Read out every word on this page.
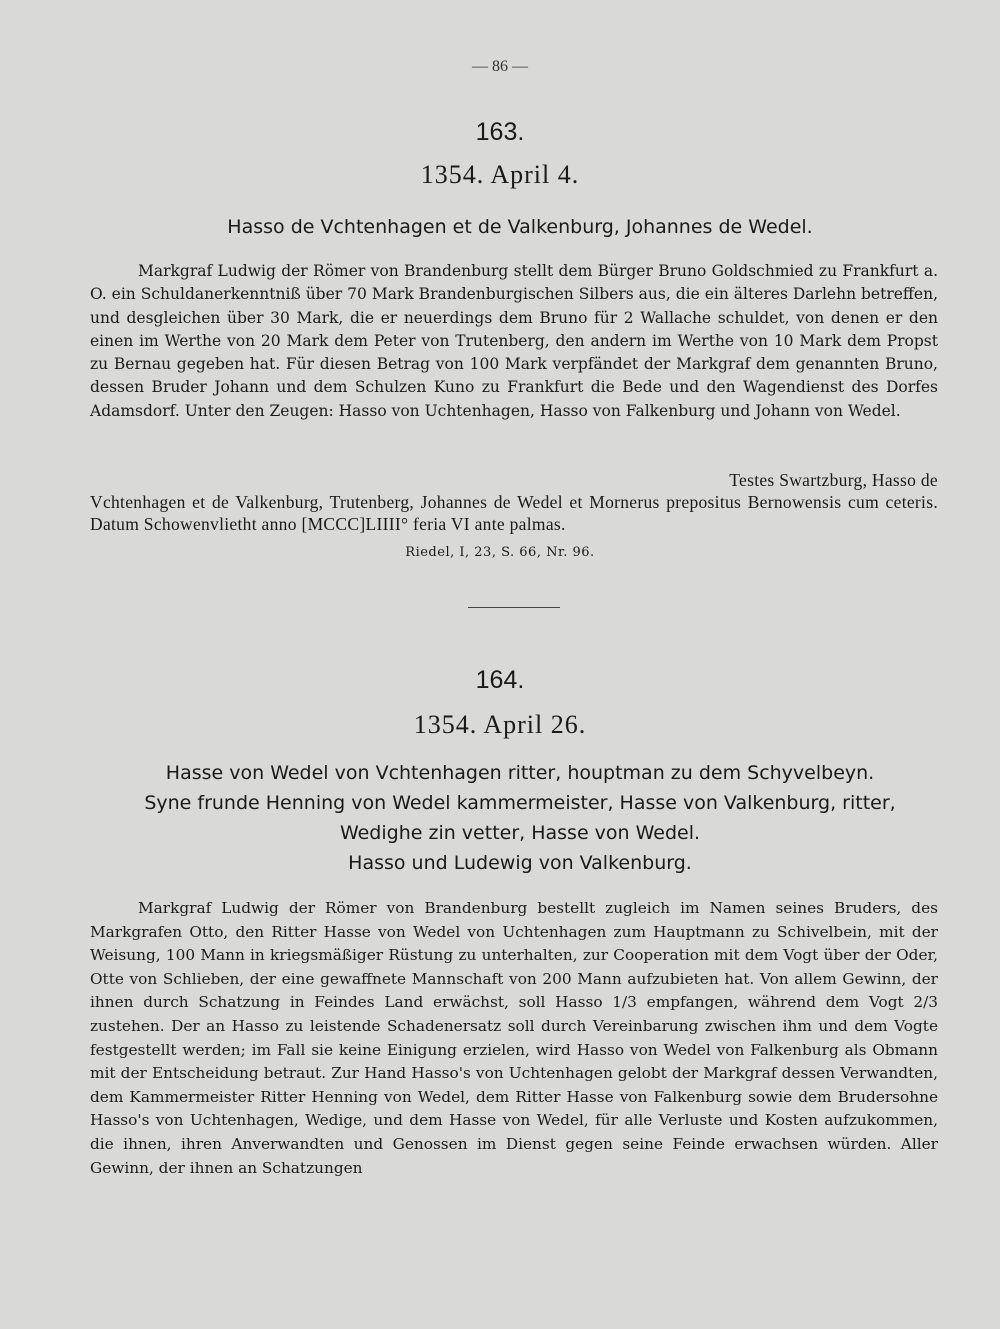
— 86 —
163.
1354. April 4.
Hasso de Vchtenhagen et de Valkenburg, Johannes de Wedel.
Markgraf Ludwig der Römer von Brandenburg stellt dem Bürger Bruno Goldschmied zu Frankfurt a. O. ein Schuldanerkenntniß über 70 Mark Brandenburgischen Silbers aus, die ein älteres Darlehn betreffen, und desgleichen über 30 Mark, die er neuerdings dem Bruno für 2 Wallache schuldet, von denen er den einen im Werthe von 20 Mark dem Peter von Trutenberg, den andern im Werthe von 10 Mark dem Propst zu Bernau gegeben hat. Für diesen Betrag von 100 Mark verpfändet der Markgraf dem genannten Bruno, dessen Bruder Johann und dem Schulzen Kuno zu Frankfurt die Bede und den Wagendienst des Dorfes Adamsdorf. Unter den Zeugen: Hasso von Uchtenhagen, Hasso von Falkenburg und Johann von Wedel.
Testes Swartzburg, Hasso de
Vchtenhagen et de Valkenburg, Trutenberg, Johannes de Wedel et Mornerus prepositus Bernowensis cum ceteris. Datum Schowenvlietht anno [MCCC]LIIII° feria VI ante palmas.
Riedel, I, 23, S. 66, Nr. 96.
164.
1354. April 26.
Hasse von Wedel von Vchtenhagen ritter, houptman zu dem Schyvelbeyn.
Syne frunde Henning von Wedel kammermeister, Hasse von Valkenburg, ritter,
Wedighe zin vetter, Hasse von Wedel.
Hasso und Ludewig von Valkenburg.
Markgraf Ludwig der Römer von Brandenburg bestellt zugleich im Namen seines Bruders, des Markgrafen Otto, den Ritter Hasse von Wedel von Uchtenhagen zum Hauptmann zu Schivelbein, mit der Weisung, 100 Mann in kriegsmäßiger Rüstung zu unterhalten, zur Cooperation mit dem Vogt über der Oder, Otte von Schlieben, der eine gewaffnete Mannschaft von 200 Mann aufzubieten hat. Von allem Gewinn, der ihnen durch Schatzung in Feindes Land erwächst, soll Hasso 1/3 empfangen, während dem Vogt 2/3 zustehen. Der an Hasso zu leistende Schadenersatz soll durch Vereinbarung zwischen ihm und dem Vogte festgestellt werden; im Fall sie keine Einigung erzielen, wird Hasso von Wedel von Falkenburg als Obmann mit der Entscheidung betraut. Zur Hand Hasso's von Uchtenhagen gelobt der Markgraf dessen Verwandten, dem Kammermeister Ritter Henning von Wedel, dem Ritter Hasse von Falkenburg sowie dem Brudersohne Hasso's von Uchtenhagen, Wedige, und dem Hasse von Wedel, für alle Verluste und Kosten aufzukommen, die ihnen, ihren Anverwandten und Genossen im Dienst gegen seine Feinde erwachsen würden. Aller Gewinn, der ihnen an Schatzungen
